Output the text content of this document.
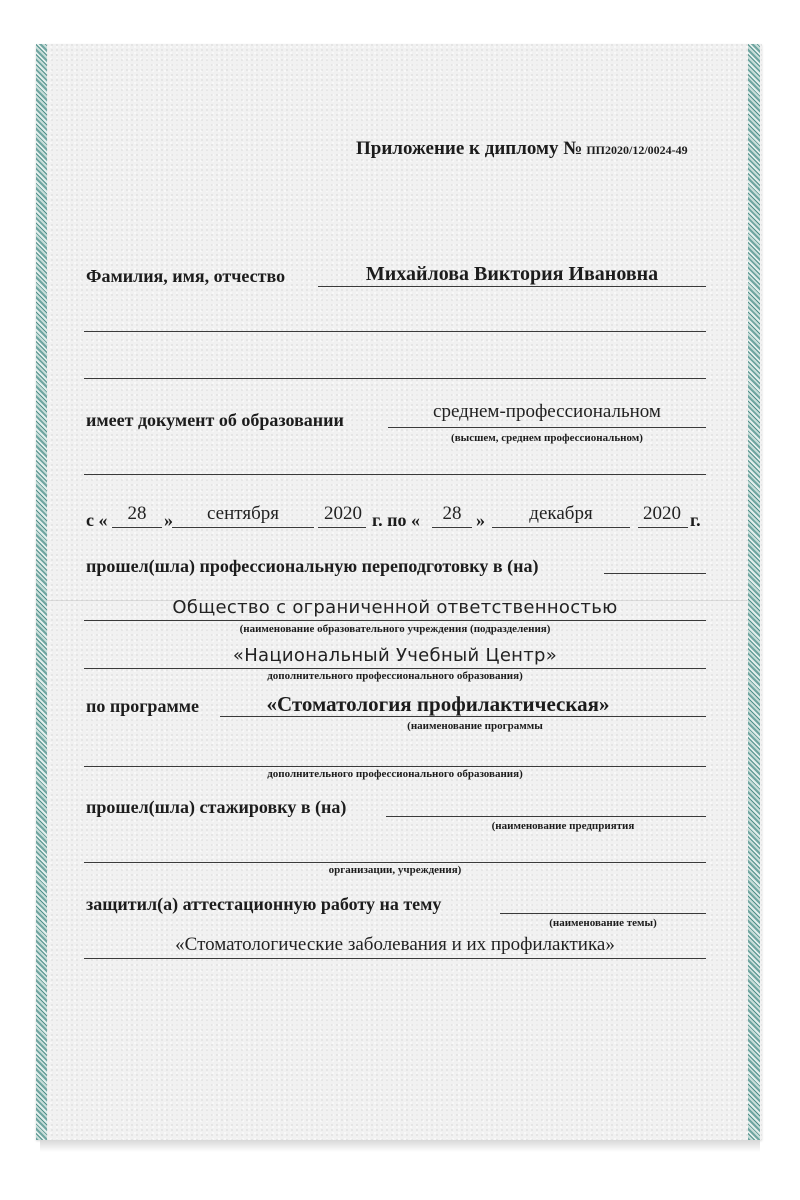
Приложение к диплому № ПП2020/12/0024-49
Фамилия, имя, отчество	Михайлова Виктория Ивановна
имеет документ об образовании	среднем-профессиональном
(высшем, среднем профессиональном)
с «	28 »	сентября	2020 г. по «	28 »	декабря	2020 г.
прошел(шла) профессиональную переподготовку в (на)
Общество с ограниченной ответственностью
(наименование образовательного учреждения (подразделения)
«Национальный Учебный Центр»
дополнительного профессионального образования)
по программе	«Стоматология профилактическая»
(наименование программы
дополнительного профессионального образования)
прошел(шла) стажировку в (на)
(наименование предприятия
организации, учреждения)
защитил(а) аттестационную работу на тему
(наименование темы)
«Стоматологические заболевания и их профилактика»
